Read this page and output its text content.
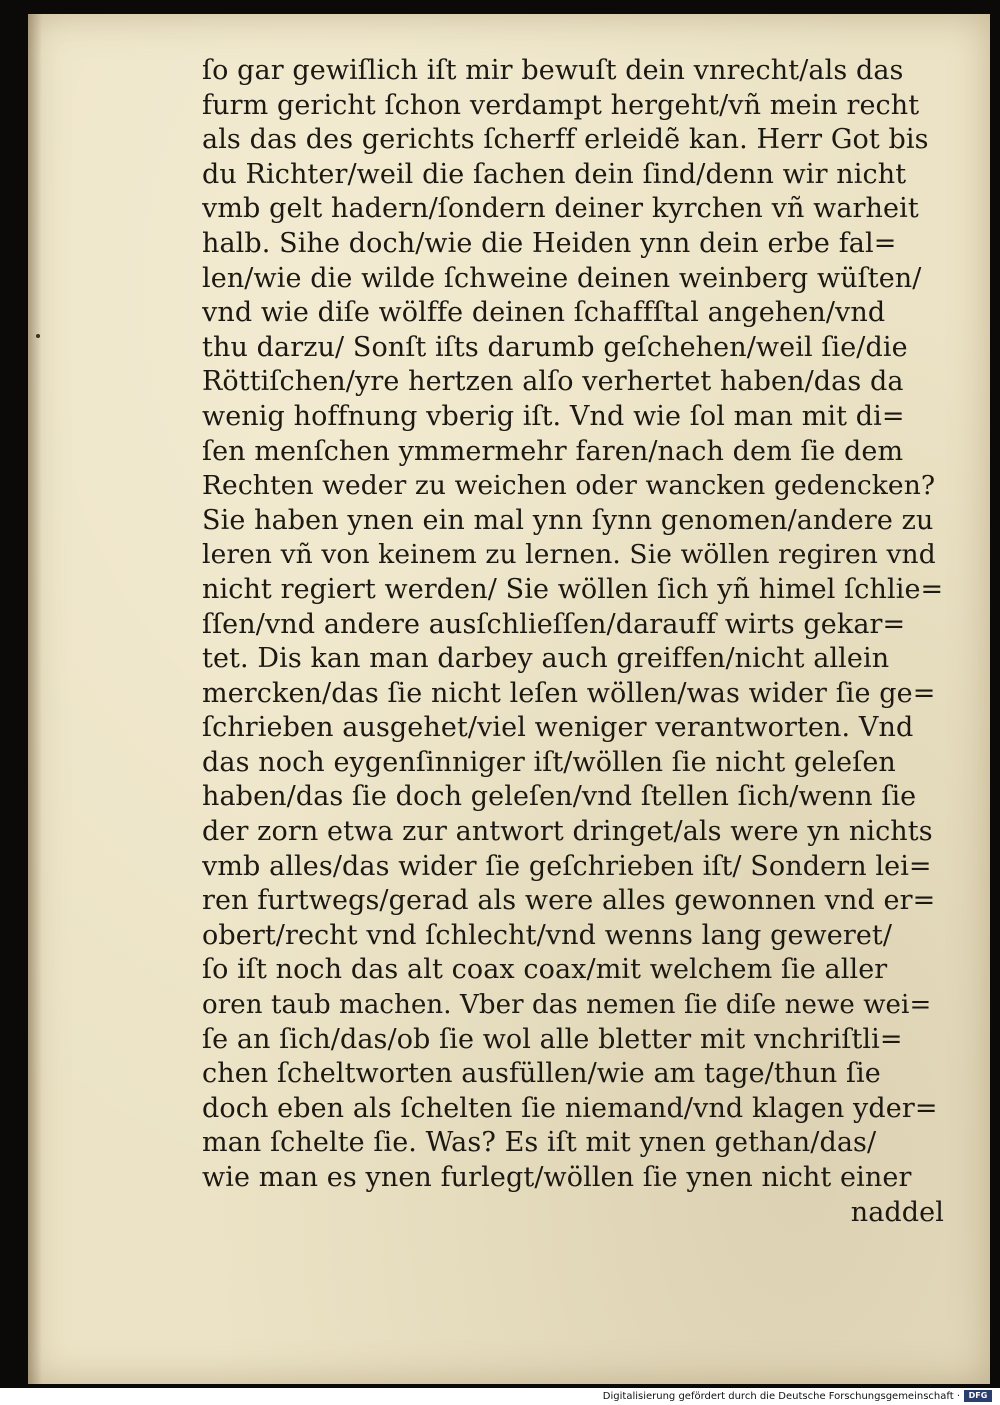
ſo gar gewiſlich iſt mir bewuſt dein vnrecht/als das
furm gericht ſchon verdampt hergeht/vñ mein recht
als das des gerichts ſcherff erleidẽ kan. Herr Got bis
du Richter/weil die ſachen dein ſind/denn wir nicht
vmb gelt hadern/ſondern deiner kyrchen vñ warheit
halb. Sihe doch/wie die Heiden ynn dein erbe fal=
len/wie die wilde ſchweine deinen weinberg wüſten/
vnd wie diſe wölffe deinen ſchaffſtal angehen/vnd
thu darzu/ Sonſt iſts darumb geſchehen/weil ſie/die
Röttiſchen/yre hertzen alſo verhertet haben/das da
wenig hoffnung vberig iſt. Vnd wie ſol man mit di=
ſen menſchen ymmermehr faren/nach dem ſie dem
Rechten weder zu weichen oder wancken gedencken?
Sie haben ynen ein mal ynn ſynn genomen/andere zu
leren vñ von keinem zu lernen. Sie wöllen regiren vnd
nicht regiert werden/ Sie wöllen ſich yñ himel ſchlie=
ſſen/vnd andere ausſchlieſſen/darauff wirts gekar=
tet. Dis kan man darbey auch greiffen/nicht allein
mercken/das ſie nicht leſen wöllen/was wider ſie ge=
ſchrieben ausgehet/viel weniger verantworten. Vnd
das noch eygenſinniger iſt/wöllen ſie nicht geleſen
haben/das ſie doch geleſen/vnd ſtellen ſich/wenn ſie
der zorn etwa zur antwort dringet/als were yn nichts
vmb alles/das wider ſie geſchrieben iſt/ Sondern lei=
ren furtwegs/gerad als were alles gewonnen vnd er=
obert/recht vnd ſchlecht/vnd wenns lang geweret/
ſo iſt noch das alt coax coax/mit welchem ſie aller
oren taub machen. Vber das nemen ſie diſe newe wei=
ſe an ſich/das/ob ſie wol alle bletter mit vnchriſtli=
chen ſcheltworten ausfüllen/wie am tage/thun ſie
doch eben als ſchelten ſie niemand/vnd klagen yder=
man ſchelte ſie. Was? Es iſt mit ynen gethan/das/
wie man es ynen furlegt/wöllen ſie ynen nicht einer
naddel
Digitalisierung gefördert durch die Deutsche Forschungsgemeinschaft ·	DFG
